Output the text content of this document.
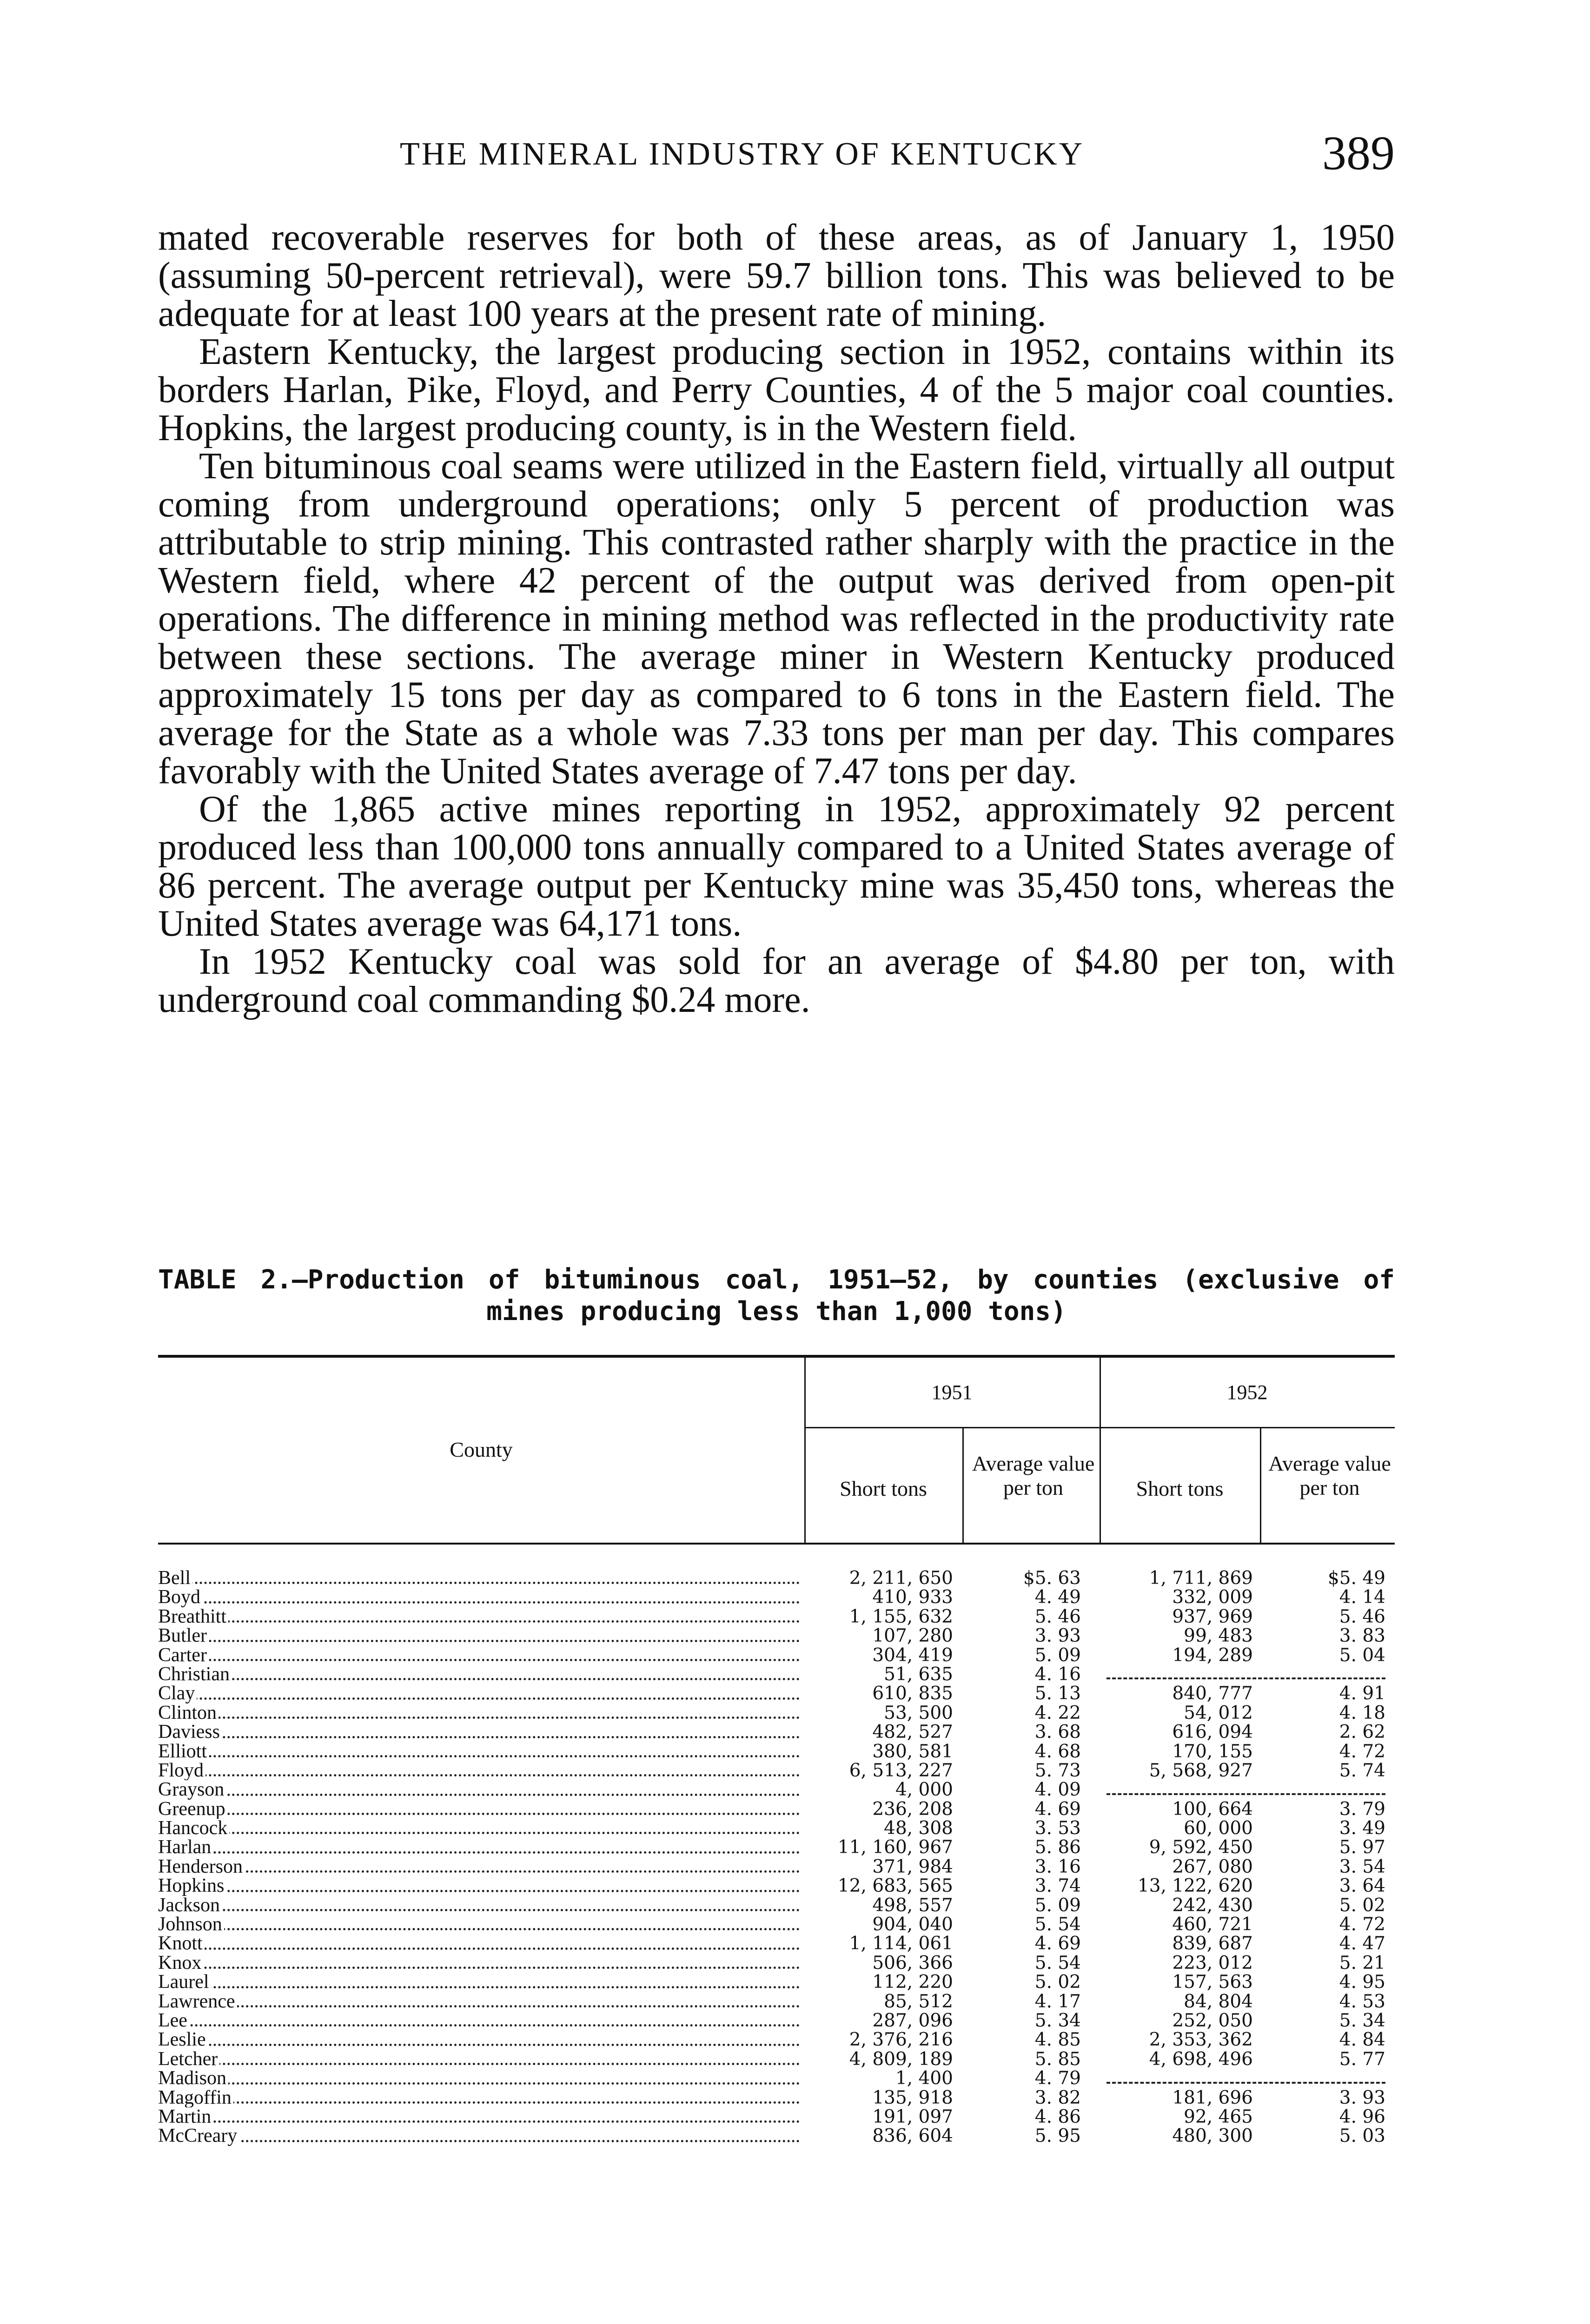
THE MINERAL INDUSTRY OF KENTUCKY	389

mated recoverable reserves for both of these areas, as of January 1, 1950 (assuming 50-percent retrieval), were 59.7 billion tons. This was believed to be adequate for at least 100 years at the present rate of mining.

Eastern Kentucky, the largest producing section in 1952, contains within its borders Harlan, Pike, Floyd, and Perry Counties, 4 of the 5 major coal counties. Hopkins, the largest producing county, is in the Western field.

Ten bituminous coal seams were utilized in the Eastern field, virtually all output coming from underground operations; only 5 percent of production was attributable to strip mining. This contrasted rather sharply with the practice in the Western field, where 42 percent of the output was derived from open-pit operations. The difference in mining method was reflected in the productivity rate between these sections. The average miner in Western Kentucky produced approximately 15 tons per day as compared to 6 tons in the Eastern field. The average for the State as a whole was 7.33 tons per man per day. This compares favorably with the United States average of 7.47 tons per day.

Of the 1,865 active mines reporting in 1952, approximately 92 percent produced less than 100,000 tons annually compared to a United States average of 86 percent. The average output per Kentucky mine was 35,450 tons, whereas the United States average was 64,171 tons.

In 1952 Kentucky coal was sold for an average of $4.80 per ton, with underground coal commanding $0.24 more.

TABLE 2.—Production of bituminous coal, 1951–52, by counties (exclusive of
mines producing less than 1,000 tons)
County
1951	1952
Short tons
Average value per ton	Short tons
Average value per ton
Bell	2, 211, 650	$5. 63	1, 711, 869	$5. 49
Boyd	410, 933	4. 49	332, 009	4. 14
Breathitt	1, 155, 632	5. 46	937, 969	5. 46
Butler	107, 280	3. 93	99, 483	3. 83
Carter	304, 419	5. 09	194, 289	5. 04
Christian	51, 635	4. 16
Clay	610, 835	5. 13	840, 777	4. 91
Clinton	53, 500	4. 22	54, 012	4. 18
Daviess	482, 527	3. 68	616, 094	2. 62
Elliott	380, 581	4. 68	170, 155	4. 72
Floyd	6, 513, 227	5. 73	5, 568, 927	5. 74
Grayson	4, 000	4. 09
Greenup	236, 208	4. 69	100, 664	3. 79
Hancock	48, 308	3. 53	60, 000	3. 49
Harlan	11, 160, 967	5. 86	9, 592, 450	5. 97
Henderson	371, 984	3. 16	267, 080	3. 54
Hopkins	12, 683, 565	3. 74	13, 122, 620	3. 64
Jackson	498, 557	5. 09	242, 430	5. 02
Johnson	904, 040	5. 54	460, 721	4. 72
Knott	1, 114, 061	4. 69	839, 687	4. 47
Knox	506, 366	5. 54	223, 012	5. 21
Laurel	112, 220	5. 02	157, 563	4. 95
Lawrence	85, 512	4. 17	84, 804	4. 53
Lee	287, 096	5. 34	252, 050	5. 34
Leslie	2, 376, 216	4. 85	2, 353, 362	4. 84
Letcher	4, 809, 189	5. 85	4, 698, 496	5. 77
Madison	1, 400	4. 79
Magoffin	135, 918	3. 82	181, 696	3. 93
Martin	191, 097	4. 86	92, 465	4. 96
McCreary	836, 604	5. 95	480, 300	5. 03
